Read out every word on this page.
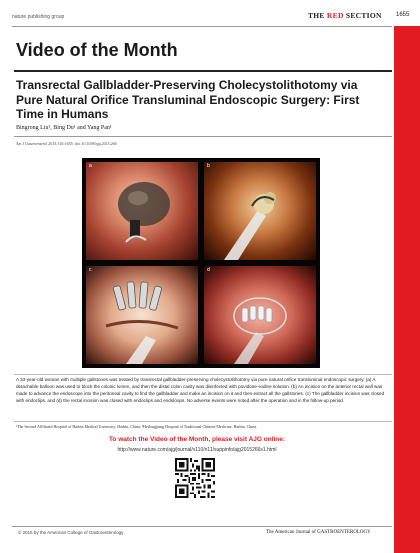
nature publishing group	THE RED SECTION 1655
Video of the Month
Transrectal Gallbladder-Preserving Cholecystolithotomy via Pure Natural Orifice Transluminal Endoscopic Surgery: First Time in Humans
Bingrong Liu¹, Bing Du¹ and Yang Pan¹
Am J Gastroenterol 2015;110:1655; doi:10.1038/ajg.2015.266
a	b
c	d

A 33-year-old woman with multiple gallstones was treated by transrectal gallbladder-preserving cholecystolithotomy via pure natural orifice transluminal endoscopic surgery. (a) A detachable balloon was used to block the colonic lumen, and then the distal colon cavity was disinfected with povidone–iodine solution. (b) An incision on the anterior rectal wall was made to advance the endoscope into the peritoneal cavity to find the gallbladder and make an incision on it and then extract all the gallstones. (c) The gallbladder incision was closed with endoclips, and (d) the rectal incision was closed with endoclips and endoloops. No adverse events were noted after the operation and in the follow-up period.

¹The Second Affiliated Hospital of Harbin Medical University, Harbin, China; ²Heilongjiang Hospital of Traditional Chinese Medicine, Harbin, China.
To watch the Video of the Month, please visit AJG online:
http://www.nature.com/ajg/journal/v110/n11/suppinfo/ajg2015266s1.html
© 2015 by the American College of Gastroenterology	The American Journal of GASTROENTEROLOGY
